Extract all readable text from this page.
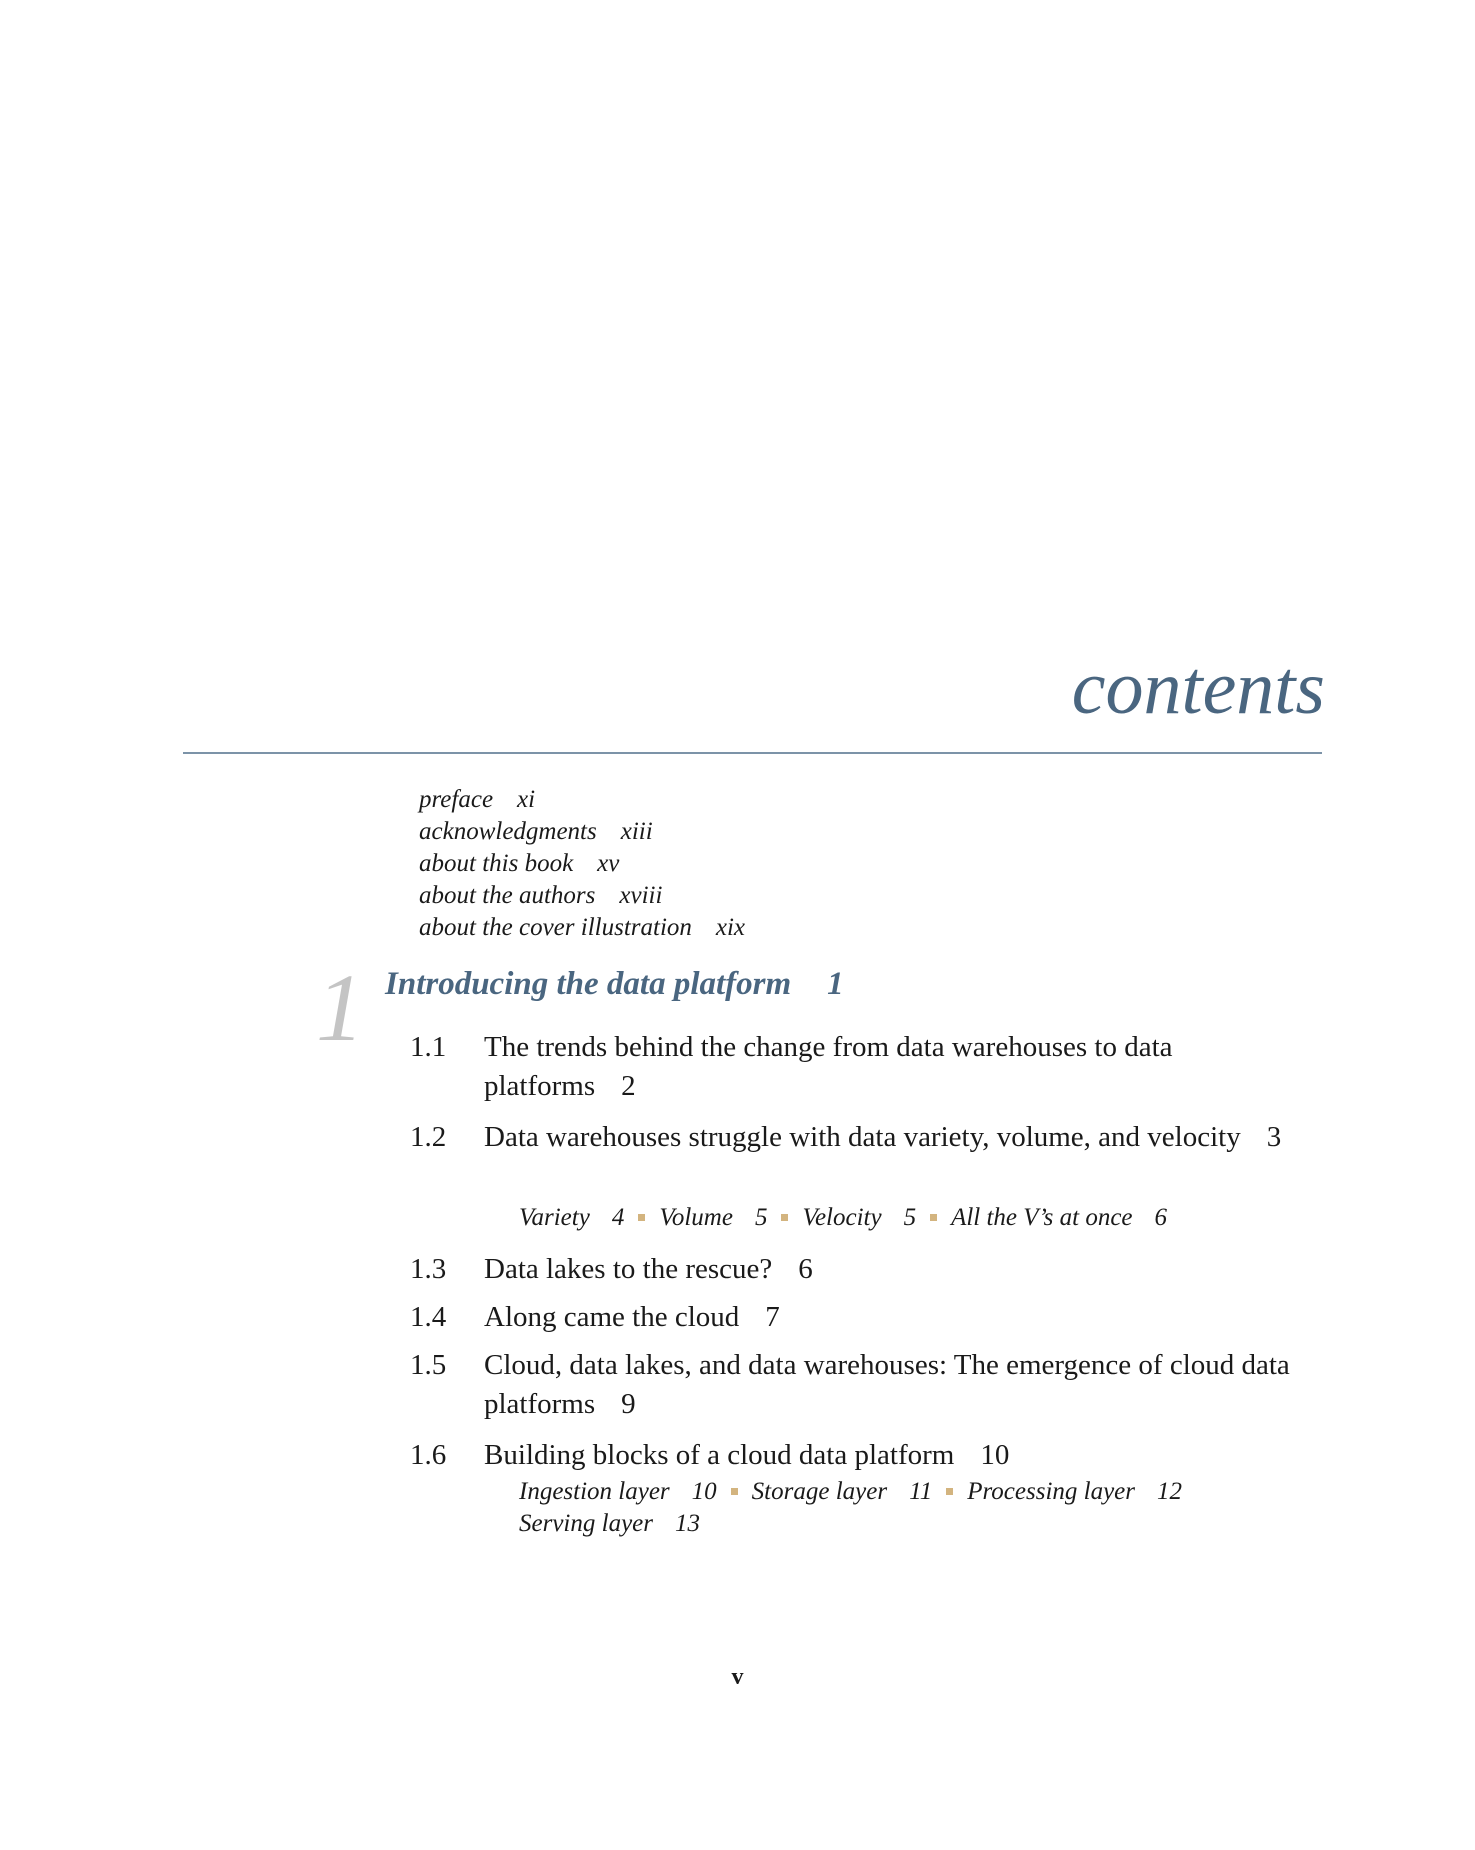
contents
preface xi
acknowledgments xiii
about this book xv
about the authors xviii
about the cover illustration xix
1 Introducing the data platform 1
1.1 The trends behind the change from data warehouses to data platforms 2
1.2 Data warehouses struggle with data variety, volume, and velocity 3
Variety 4 Volume 5 Velocity 5 All the V’s at once 6
1.3 Data lakes to the rescue? 6
1.4 Along came the cloud 7
1.5 Cloud, data lakes, and data warehouses: The emergence of cloud data platforms 9
1.6 Building blocks of a cloud data platform 10
Ingestion layer 10 Storage layer 11 Processing layer 12
Serving layer 13
v
